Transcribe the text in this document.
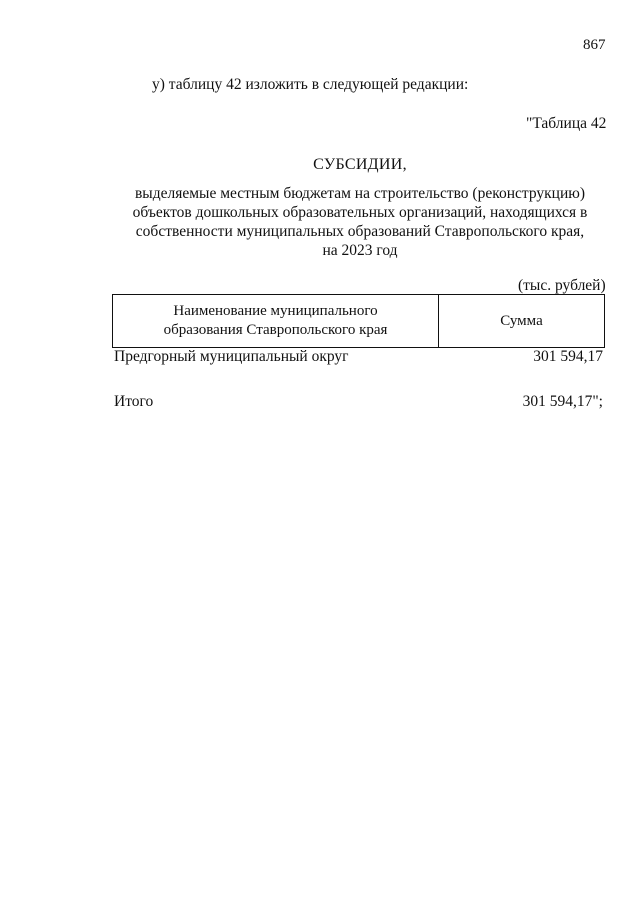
867
у) таблицу 42 изложить в следующей редакции:
"Таблица 42
СУБСИДИИ,
выделяемые местным бюджетам на строительство (реконструкцию)
объектов дошкольных образовательных организаций, находящихся в
собственности муниципальных образований Ставропольского края,
на 2023 год
(тыс. рублей)
Наименование муниципального
образования Ставропольского края
Сумма
Предгорный муниципальный округ	301 594,17
Итого	301 594,17";
